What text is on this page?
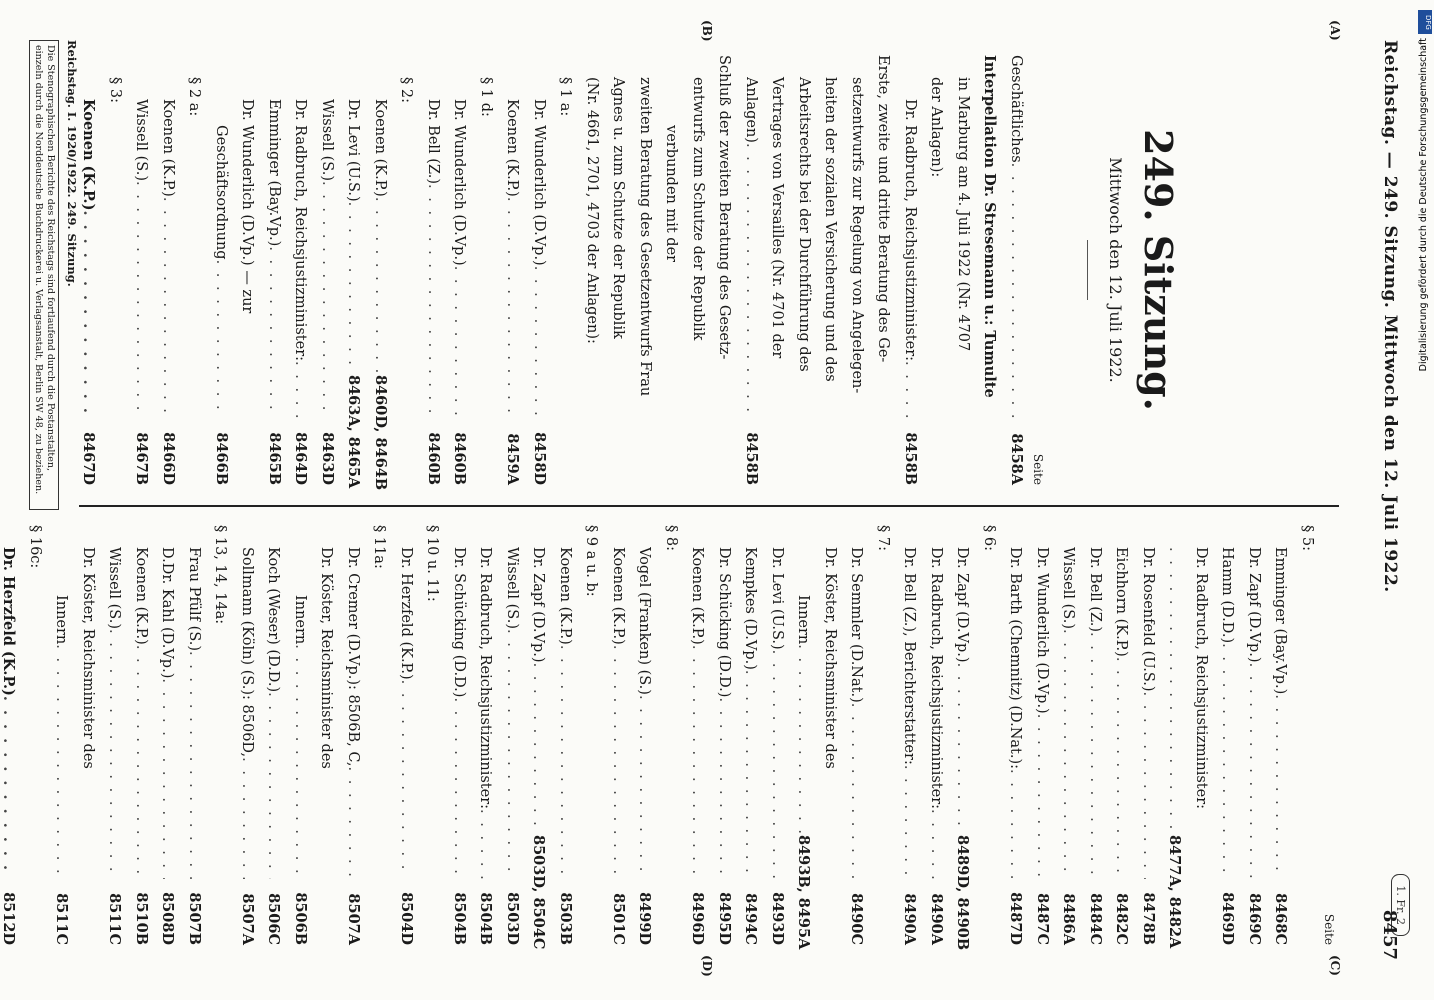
Reichstag. — 249. Sitzung. Mittwoch den 12. Juli 1922.
1. Fr. 2
8457
(A)
(B)
(C)
(D)
249. Sitzung.
Mittwoch den 12. Juli 1922.
Seite
Geschäftliches
. . .
8458A
Interpellation Dr. Stresemann u.: Tumulte
in Marburg am 4. Juli 1922 (Nr. 4707
der Anlagen):
Dr. Radbruch, Reichsjustizminister:
. . .
8458B
Erste, zweite und dritte Beratung des Ge-
setzentwurfs zur Regelung von Angelegen-
heiten der sozialen Versicherung und des
Arbeitsrechts bei der Durchführung des
Vertrages von Versailles (Nr. 4701 der
Anlagen)
. . .
8458B
Schluß der zweiten Beratung des Gesetz-
entwurfs zum Schutze der Republik
verbunden mit der
zweiten Beratung des Gesetzentwurfs Frau
Agnes u. zum Schutze der Republik
(Nr. 4661, 2701, 4703 der Anlagen):
§ 1 a:
Dr. Wunderlich (D.Vp.)
. . .
8458D
Koenen (K.P.)
. . .
8459A
§ 1 d:
Dr. Wunderlich (D.Vp.)
. . .
8460B
Dr. Bell (Z.)
. . .
8460B
§ 2:
Koenen (K.P.)
. . .
8460D, 8464B
Dr. Levi (U.S.)
. . .
8463A, 8465A
Wissell (S.)
. . .
8463D
Dr. Radbruch, Reichsjustizminister:
. . .
8464D
Emminger (Bay.Vp.)
. . .
8465B
Dr. Wunderlich (D.Vp.) — zur
Geschäftsordnung
. . .
8466B
§ 2 a:
Koenen (K.P.)
. . .
8466D
Wissell (S.)
. . .
8467B
§ 3:
Koenen (K.P.)
. . .
8467D
Seite
§ 5:
Emminger (Bay.Vp.)
. . .
8468C
Dr. Zapf (D.Vp.)
. . .
8469C
Hamm (D.D.)
. . .
8469D
Dr. Radbruch, Reichsjustizminister:
. . .
8477A, 8482A
Dr. Rosenfeld (U.S.)
. . .
8478B
Eichhorn (K.P.)
. . .
8482C
Dr. Bell (Z.)
. . .
8484C
Wissell (S.)
. . .
8486A
Dr. Wunderlich (D.Vp.)
. . .
8487C
Dr. Barth (Chemnitz) (D.Nat.):
. . .
8487D
§ 6:
Dr. Zapf (D.Vp.)
. . .
8489D, 8490B
Dr. Radbruch, Reichsjustizminister:
. . .
8490A
Dr. Bell (Z.), Berichterstatter:
. . .
8490A
§ 7:
Dr. Semmler (D.Nat.)
. . .
8490C
Dr. Köster, Reichsminister des
Innern
. . .
8493B, 8495A
Dr. Levi (U.S.)
. . .
8493D
Kempkes (D.Vp.)
. . .
8494C
Dr. Schücking (D.D.)
. . .
8495D
Koenen (K.P.)
. . .
8496D
§ 8:
Vogel (Franken) (S.)
. . .
8499D
Koenen (K.P.)
. . .
8501C
§ 9 a u. b:
Koenen (K.P.)
. . .
8503B
Dr. Zapf (D.Vp.)
. . .
8503D, 8504C
Wissell (S.)
. . .
8503D
Dr. Radbruch, Reichsjustizminister:
. . .
8504B
Dr. Schücking (D.D.)
. . .
8504B
§ 10 u. 11:
Dr. Herzfeld (K.P.)
. . .
8504D
§ 11a:
Dr. Cremer (D.Vp.): 8506B, C,
. . .
8507A
Dr. Köster, Reichsminister des
Innern
. . .
8506B
Koch (Weser) (D.D.)
. . .
8506C
Sollmann (Köln) (S.): 8506D,
. . .
8507A
§ 13, 14, 14a:
Frau Pfülf (S.)
. . .
8507B
D.Dr. Kahl (D.Vp.)
. . .
8508D
Koenen (K.P.)
. . .
8510B
Wissell (S.)
. . .
8511C
Dr. Köster, Reichsminister des
Innern
. . .
8511C
§ 16c:
Dr. Herzfeld (K.P.)
. . .
8512D
Reichstag. I. 1920/1922. 249. Sitzung.
Die Stenographischen Berichte des Reichstags sind fortlaufend durch die Postanstalten, einzeln durch die Norddeutsche Buchdruckerei u. Verlagsanstalt, Berlin SW 48, zu beziehen.
DFG
Digitalisierung gefördert durch die Deutsche Forschungsgemeinschaft
